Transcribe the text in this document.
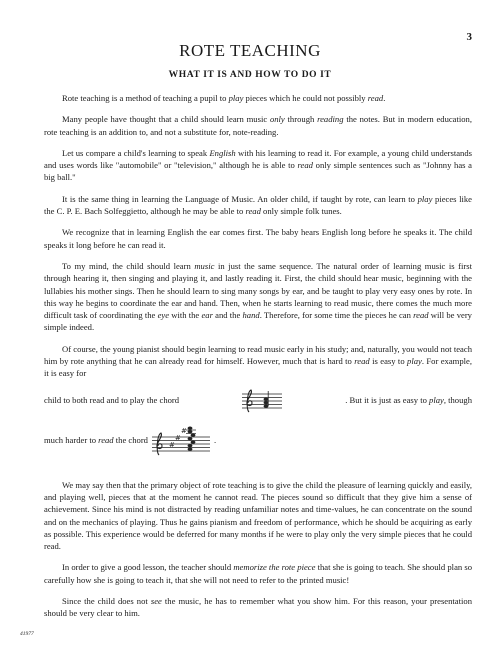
3
ROTE TEACHING
WHAT IT IS AND HOW TO DO IT

Rote teaching is a method of teaching a pupil to play pieces which he could not possibly read.

Many people have thought that a child should learn music only through reading the notes. But in modern education, rote teaching is an addition to, and not a substitute for, note-reading.

Let us compare a child's learning to speak English with his learning to read it. For example, a young child understands and uses words like "automobile" or "television," although he is able to read only simple sentences such as "Johnny has a big ball."

It is the same thing in learning the Language of Music. An older child, if taught by rote, can learn to play pieces like the C. P. E. Bach Solfeggietto, although he may be able to read only simple folk tunes.

We recognize that in learning English the ear comes first. The baby hears English long before he speaks it. The child speaks it long before he can read it.

To my mind, the child should learn music in just the same sequence. The natural order of learning music is first through hearing it, then singing and playing it, and lastly reading it. First, the child should hear music, beginning with the lullabies his mother sings. Then he should learn to sing many songs by ear, and be taught to play very easy ones by rote. In this way he begins to coordinate the ear and hand. Then, when he starts learning to read music, there comes the much more difficult task of coordinating the eye with the ear and the hand. Therefore, for some time the pieces he can read will be very simple indeed.

Of course, the young pianist should begin learning to read music early in his study; and, naturally, you would not teach him by rote anything that he can already read for himself. However, much that is hard to read is easy to play. For example, it is easy for

child to both read and to play the chord	. But it is just as easy to play, though
much harder to read the chord	#
#
#
.

We may say then that the primary object of rote teaching is to give the child the pleasure of learning quickly and easily, and playing well, pieces that at the moment he cannot read. The pieces sound so difficult that they give him a sense of achievement. Since his mind is not distracted by reading unfamiliar notes and time-values, he can concentrate on the sound and on the mechanics of playing. Thus he gains pianism and freedom of performance, which he should be acquiring as early as possible. This experience would be deferred for many months if he were to play only the very simple pieces that he could read.

In order to give a good lesson, the teacher should memorize the rote piece that she is going to teach. She should plan so carefully how she is going to teach it, that she will not need to refer to the printed music!

Since the child does not see the music, he has to remember what you show him. For this reason, your presentation should be very clear to him.

41977
